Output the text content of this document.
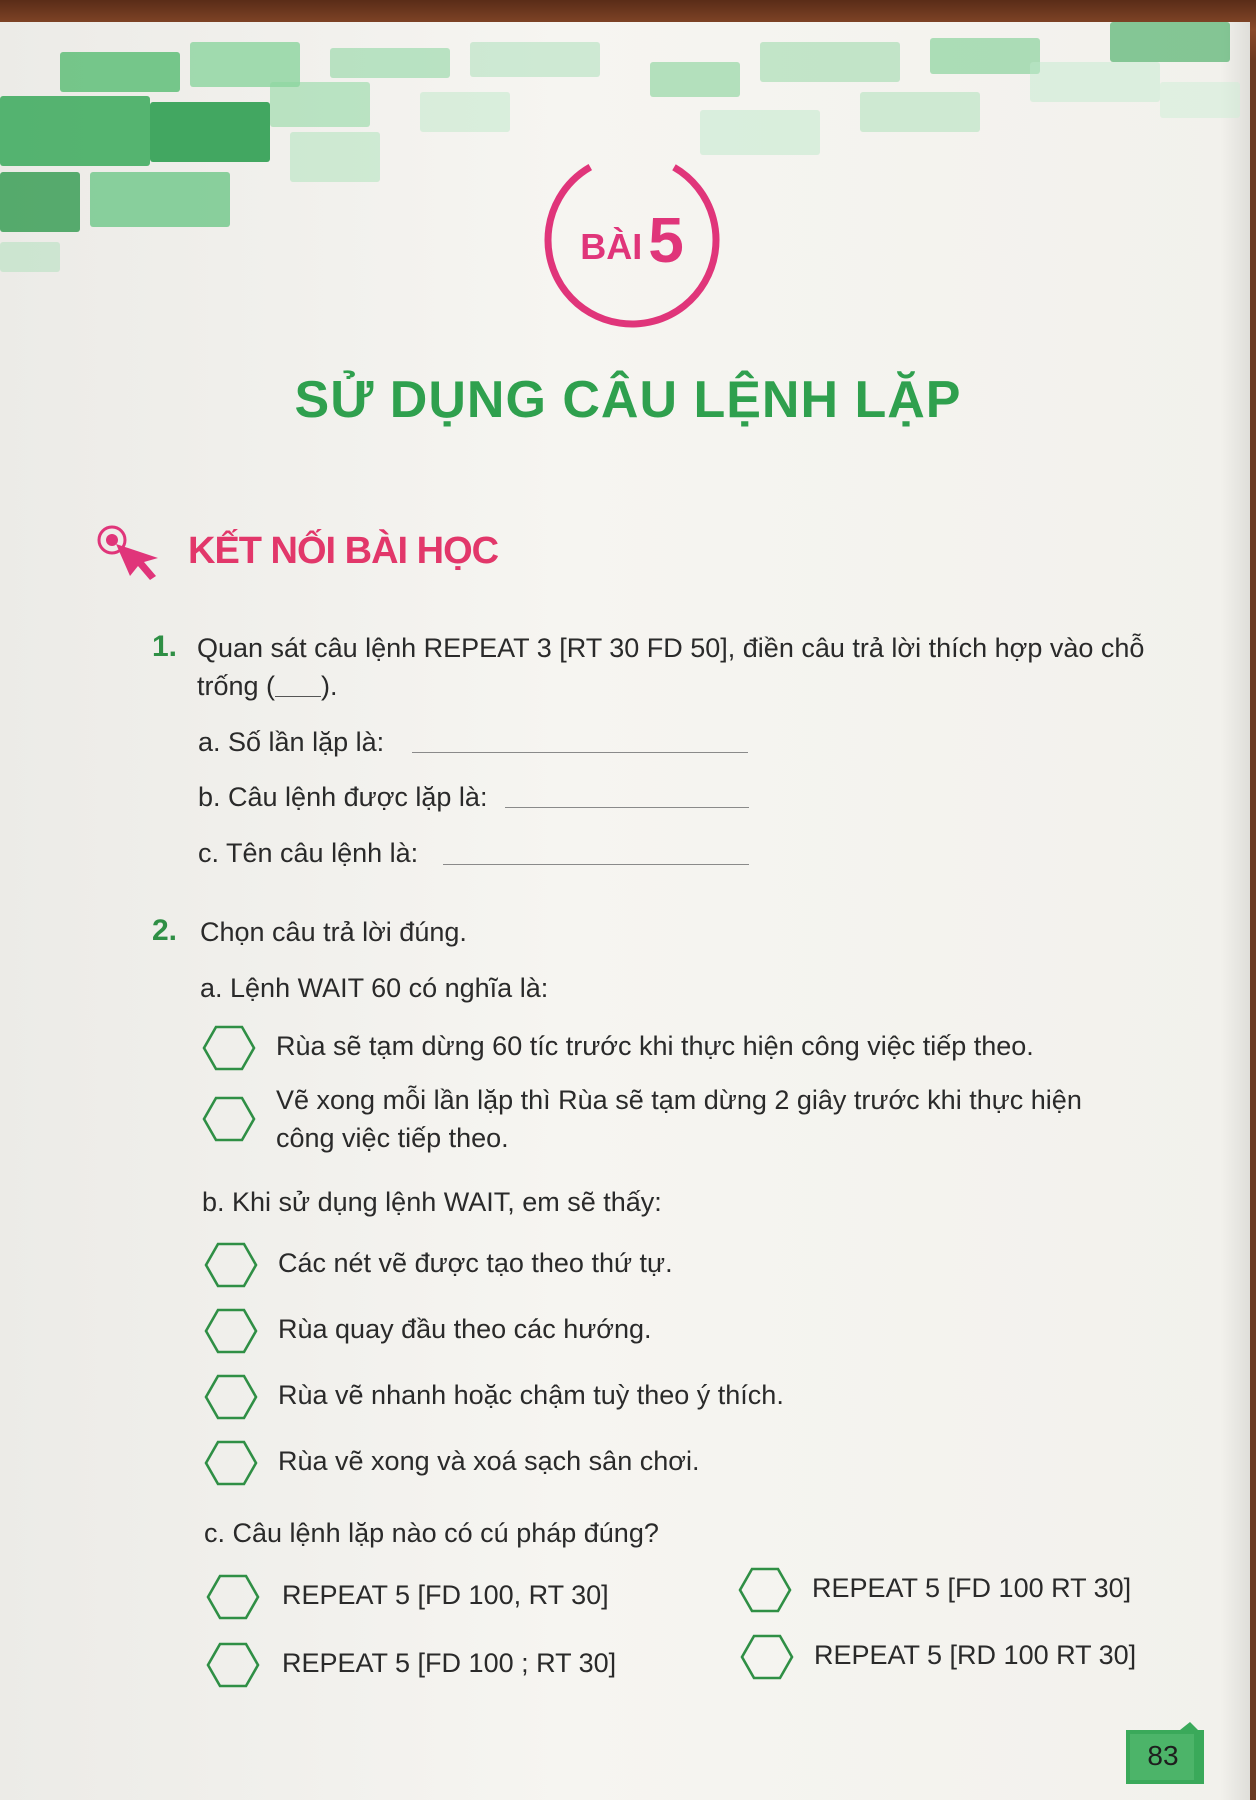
BÀI 5
SỬ DỤNG CÂU LỆNH LẶP
KẾT NỐI BÀI HỌC
1. Quan sát câu lệnh REPEAT 3 [RT 30 FD 50], điền câu trả lời thích hợp vào chỗ
trống ( ).
a. Số lần lặp là:
b. Câu lệnh được lặp là:
c. Tên câu lệnh là:
2. Chọn câu trả lời đúng.
a. Lệnh WAIT 60 có nghĩa là:
Rùa sẽ tạm dừng 60 tíc trước khi thực hiện công việc tiếp theo.
Vẽ xong mỗi lần lặp thì Rùa sẽ tạm dừng 2 giây trước khi thực hiện
công việc tiếp theo.
b. Khi sử dụng lệnh WAIT, em sẽ thấy:
Các nét vẽ được tạo theo thứ tự.
Rùa quay đầu theo các hướng.
Rùa vẽ nhanh hoặc chậm tuỳ theo ý thích.
Rùa vẽ xong và xoá sạch sân chơi.
c. Câu lệnh lặp nào có cú pháp đúng?
REPEAT 5 [FD 100, RT 30]	REPEAT 5 [FD 100 RT 30]
REPEAT 5 [FD 100 ; RT 30]	REPEAT 5 [RD 100 RT 30]
83
